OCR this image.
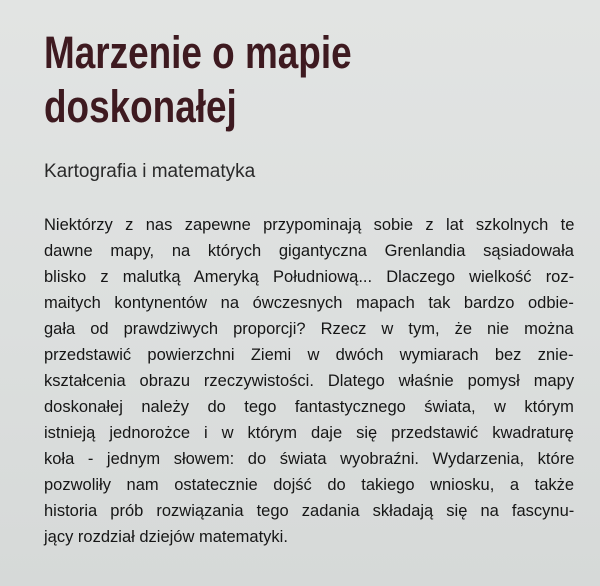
Marzenie o mapie
doskonałej

Kartografia i matematyka

Niektórzy z nas zapewne przypominają sobie z lat szkolnych te
dawne mapy, na których gigantyczna Grenlandia sąsiadowała
blisko z malutką Ameryką Południową... Dlaczego wielkość roz-
maitych kontynentów na ówczesnych mapach tak bardzo odbie-
gała od prawdziwych proporcji? Rzecz w tym, że nie można
przedstawić powierzchni Ziemi w dwóch wymiarach bez znie-
kształcenia obrazu rzeczywistości. Dlatego właśnie pomysł mapy
doskonałej należy do tego fantastycznego świata, w którym
istnieją jednorożce i w którym daje się przedstawić kwadraturę
koła - jednym słowem: do świata wyobraźni. Wydarzenia, które
pozwoliły nam ostatecznie dojść do takiego wniosku, a także
historia prób rozwiązania tego zadania składają się na fascynu-
jący rozdział dziejów matematyki.
